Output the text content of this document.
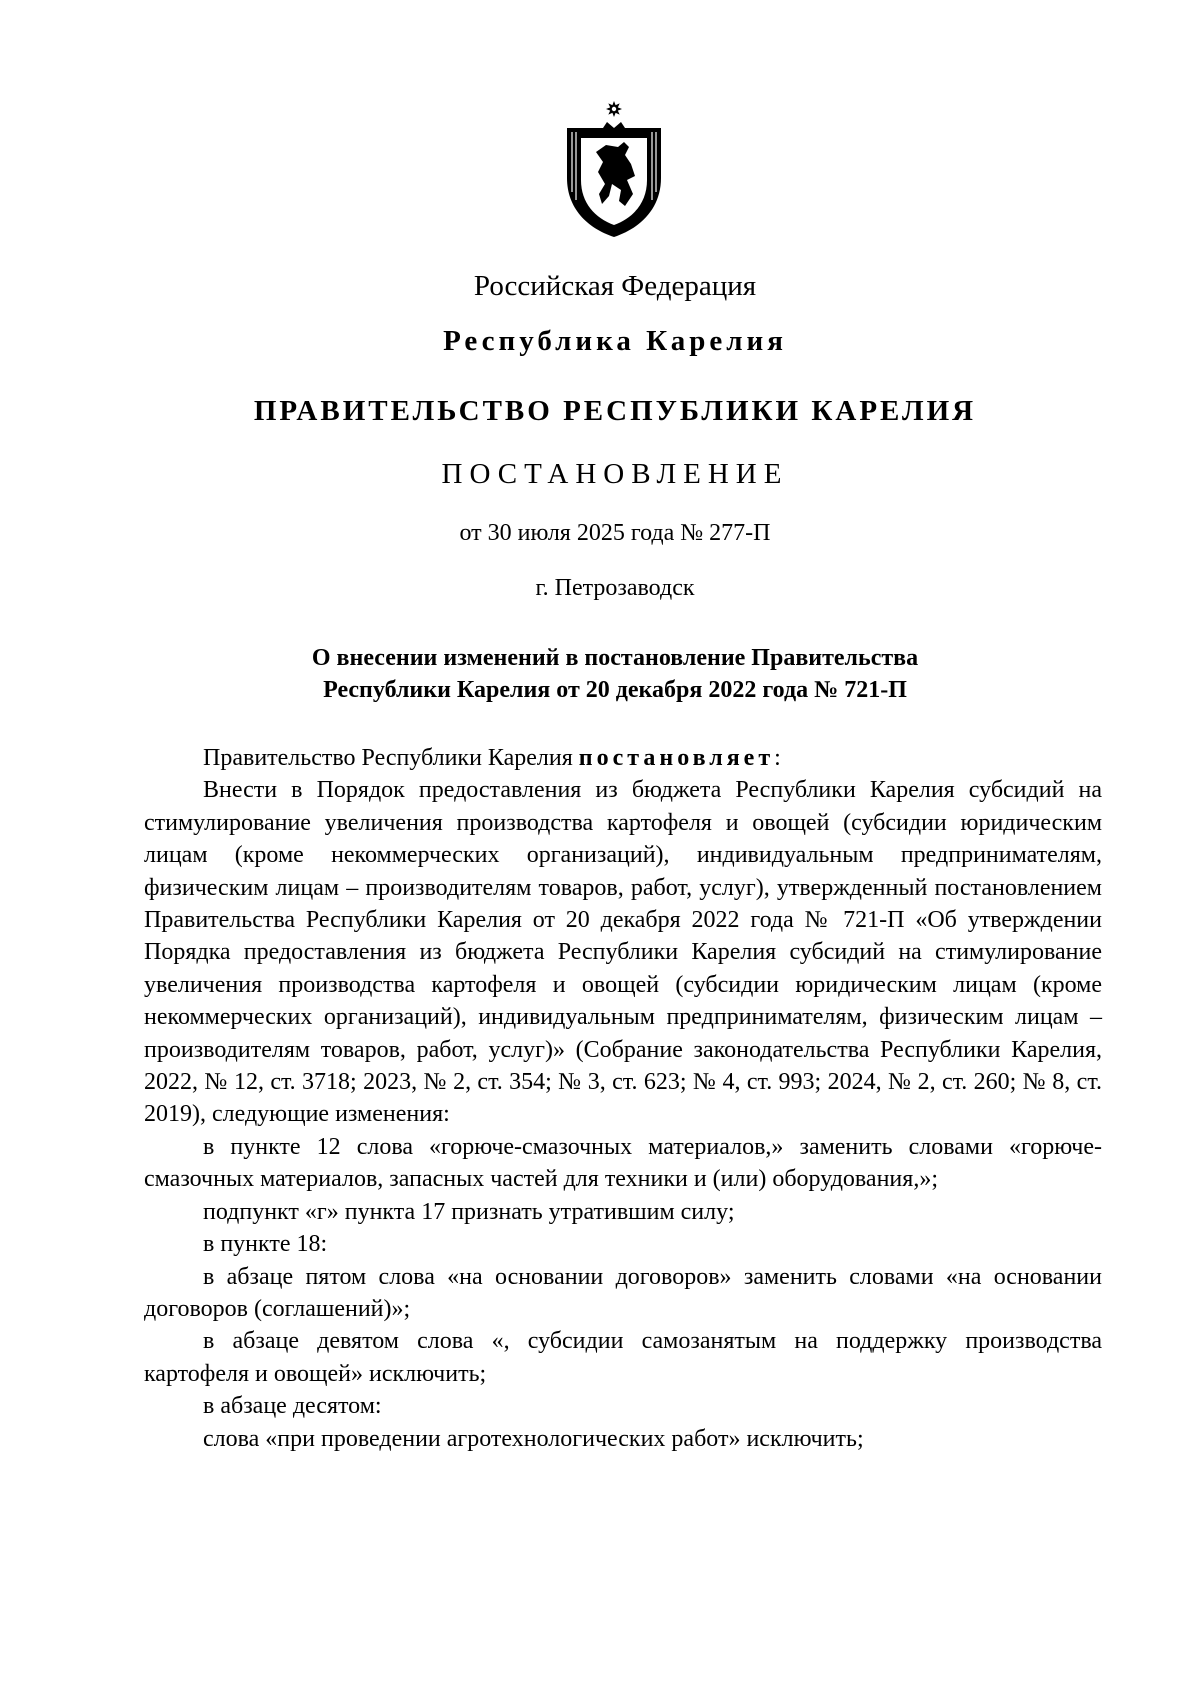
Российская Федерация
Республика Карелия
ПРАВИТЕЛЬСТВО РЕСПУБЛИКИ КАРЕЛИЯ
ПОСТАНОВЛЕНИЕ
от 30 июля 2025 года № 277-П
г. Петрозаводск
О внесении изменений в постановление Правительства
Республики Карелия от 20 декабря 2022 года № 721-П

Правительство Республики Карелия постановляет:

Внести в Порядок предоставления из бюджета Республики Карелия субсидий на стимулирование увеличения производства картофеля и овощей (субсидии юридическим лицам (кроме некоммерческих организаций), индивидуальным предпринимателям, физическим лицам – производителям товаров, работ, услуг), утвержденный постановлением Правительства Республики Карелия от 20 декабря 2022 года № 721-П «Об утверждении Порядка предоставления из бюджета Республики Карелия субсидий на стимулирование увеличения производства картофеля и овощей (субсидии юридическим лицам (кроме некоммерческих организаций), индивидуальным предпринимателям, физическим лицам – производителям товаров, работ, услуг)» (Собрание законодательства Республики Карелия, 2022, № 12, ст. 3718; 2023, № 2, ст. 354; № 3, ст. 623; № 4, ст. 993; 2024, № 2, ст. 260; № 8, ст. 2019), следующие изменения:

в пункте 12 слова «горюче-смазочных материалов,» заменить словами «горюче-смазочных материалов, запасных частей для техники и (или) оборудования,»;

подпункт «г» пункта 17 признать утратившим силу;

в пункте 18:

в абзаце пятом слова «на основании договоров» заменить словами «на основании договоров (соглашений)»;

в абзаце девятом слова «, субсидии самозанятым на поддержку производства картофеля и овощей» исключить;

в абзаце десятом:

слова «при проведении агротехнологических работ» исключить;
